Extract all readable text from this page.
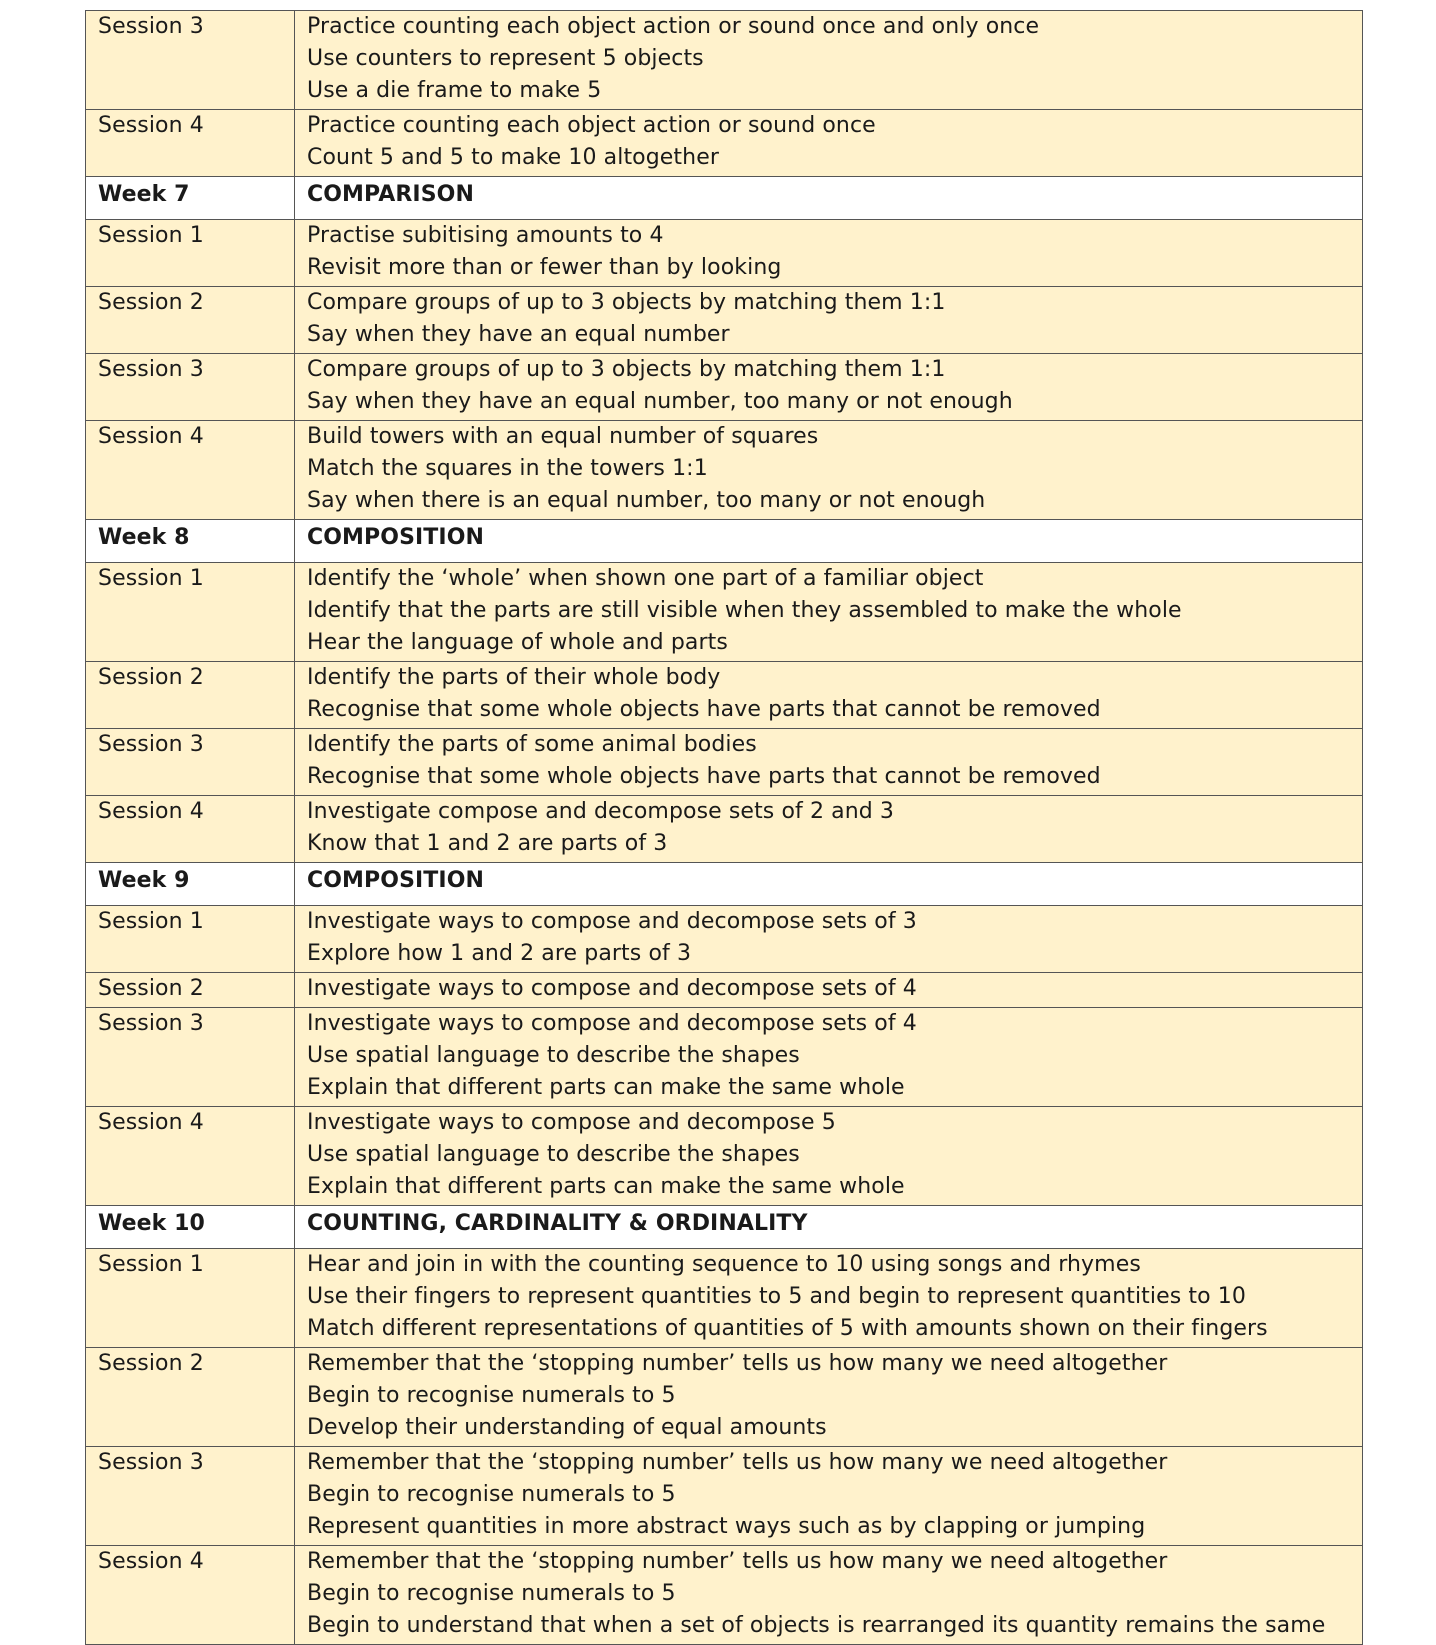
Session 3	Practice counting each object action or sound once and only once
Use counters to represent 5 objects
Use a die frame to make 5

Session 4	Practice counting each object action or sound once
Count 5 and 5 to make 10 altogether

Week 7	COMPARISON
Session 1	Practise subitising amounts to 4
Revisit more than or fewer than by looking

Session 2	Compare groups of up to 3 objects by matching them 1:1
Say when they have an equal number

Session 3	Compare groups of up to 3 objects by matching them 1:1
Say when they have an equal number, too many or not enough

Session 4	Build towers with an equal number of squares
Match the squares in the towers 1:1
Say when there is an equal number, too many or not enough

Week 8	COMPOSITION
Session 1	Identify the ‘whole’ when shown one part of a familiar object
Identify that the parts are still visible when they assembled to make the whole
Hear the language of whole and parts

Session 2	Identify the parts of their whole body
Recognise that some whole objects have parts that cannot be removed

Session 3	Identify the parts of some animal bodies
Recognise that some whole objects have parts that cannot be removed

Session 4	Investigate compose and decompose sets of 2 and 3
Know that 1 and 2 are parts of 3

Week 9	COMPOSITION
Session 1	Investigate ways to compose and decompose sets of 3
Explore how 1 and 2 are parts of 3

Session 2	Investigate ways to compose and decompose sets of 4

Session 3	Investigate ways to compose and decompose sets of 4
Use spatial language to describe the shapes
Explain that different parts can make the same whole

Session 4	Investigate ways to compose and decompose 5
Use spatial language to describe the shapes
Explain that different parts can make the same whole

Week 10	COUNTING, CARDINALITY & ORDINALITY
Session 1	Hear and join in with the counting sequence to 10 using songs and rhymes
Use their fingers to represent quantities to 5 and begin to represent quantities to 10
Match different representations of quantities of 5 with amounts shown on their fingers

Session 2	Remember that the ‘stopping number’ tells us how many we need altogether
Begin to recognise numerals to 5
Develop their understanding of equal amounts

Session 3	Remember that the ‘stopping number’ tells us how many we need altogether
Begin to recognise numerals to 5
Represent quantities in more abstract ways such as by clapping or jumping

Session 4	Remember that the ‘stopping number’ tells us how many we need altogether
Begin to recognise numerals to 5
Begin to understand that when a set of objects is rearranged its quantity remains the same
